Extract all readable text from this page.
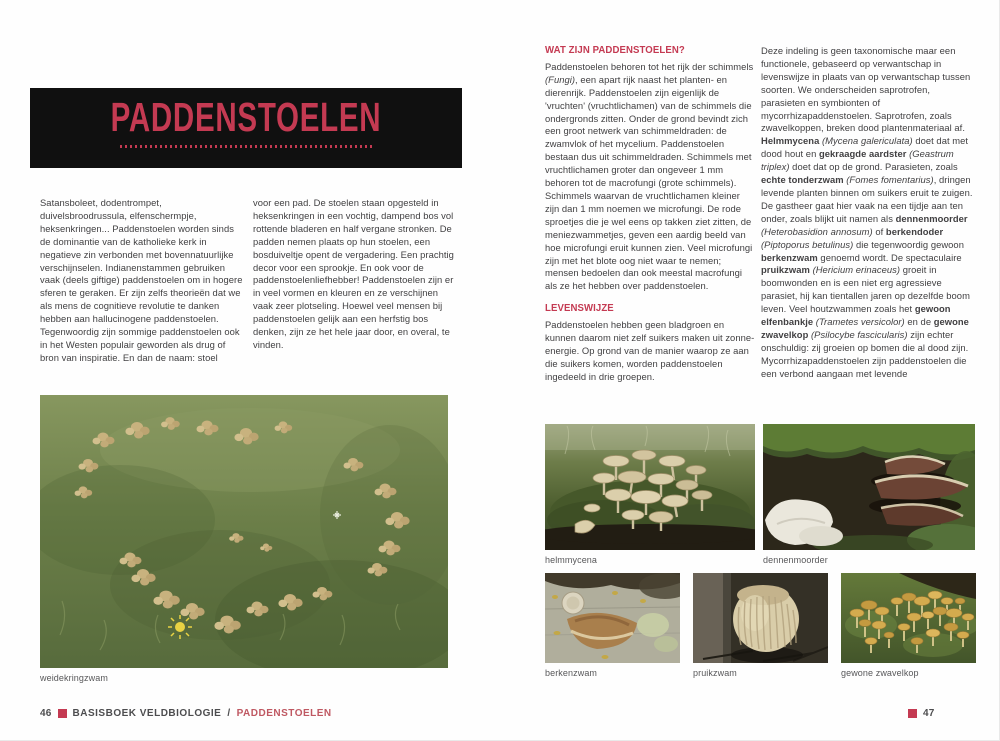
PADDENSTOELEN
Satansboleet, dodentrompet, duivelsbroodrussula, elfenschermpje, heksenkringen... Paddenstoelen worden sinds de dominantie van de katholieke kerk in negatieve zin verbonden met bovennatuurlijke verschijnselen. Indianenstammen gebruiken vaak (deels giftige) paddenstoelen om in hogere sferen te geraken. Er zijn zelfs theorieën dat we als mens de cognitieve revolutie te danken hebben aan hallucinogene paddenstoelen. Tegenwoordig zijn sommige paddenstoelen ook in het Westen populair geworden als drug of bron van inspiratie. En dan de naam: stoel
voor een pad. De stoelen staan opgesteld in heksenkringen in een vochtig, dampend bos vol rottende bladeren en half vergane stronken. De padden nemen plaats op hun stoelen, een bosduiveltje opent de vergadering. Een prachtig decor voor een sprookje. En ook voor de paddenstoelenliefhebber! Paddenstoelen zijn er in veel vormen en kleuren en ze verschijnen vaak zeer plotseling. Hoewel veel mensen bij paddenstoelen gelijk aan een herfstig bos denken, zijn ze het hele jaar door, en overal, te vinden.
weidekringzwam
46 BASISBOEK VELDBIOLOGIE / PADDENSTOELEN
WAT ZIJN PADDENSTOELEN?
Paddenstoelen behoren tot het rijk der schimmels (Fungi), een apart rijk naast het planten- en dierenrijk. Paddenstoelen zijn eigenlijk de 'vruchten' (vruchtlichamen) van de schimmels die ondergronds zitten. Onder de grond bevindt zich een groot netwerk van schimmeldraden: de zwamvlok of het mycelium. Paddenstoelen bestaan dus uit schimmeldraden. Schimmels met vruchtlichamen groter dan ongeveer 1 mm behoren tot de macrofungi (grote schimmels). Schimmels waarvan de vruchtlichamen kleiner zijn dan 1 mm noemen we microfungi. De rode sproetjes die je wel eens op takken ziet zitten, de meniezwammetjes, geven een aardig beeld van hoe microfungi eruit kunnen zien. Veel microfungi zijn met het blote oog niet waar te nemen; mensen bedoelen dan ook meestal macrofungi als ze het hebben over paddenstoelen.
LEVENSWIJZE
Paddenstoelen hebben geen bladgroen en kunnen daarom niet zelf suikers maken uit zonne-energie. Op grond van de manier waarop ze aan die suikers komen, worden paddenstoelen ingedeeld in drie groepen.
Deze indeling is geen taxonomische maar een functionele, gebaseerd op verwantschap in levenswijze in plaats van op verwantschap tussen soorten. We onderscheiden saprotrofen, parasieten en symbionten of mycorrhizapaddenstoelen. Saprotrofen, zoals zwavelkoppen, breken dood plantenmateriaal af. Helmmycena (Mycena galericulata) doet dat met dood hout en gekraagde aardster (Geastrum triplex) doet dat op de grond. Parasieten, zoals echte tonderzwam (Fomes fomentarius), dringen levende planten binnen om suikers eruit te zuigen. De gastheer gaat hier vaak na een tijdje aan ten onder, zoals blijkt uit namen als dennenmoorder (Heterobasidion annosum) of berkendoder (Piptoporus betulinus) die tegenwoordig gewoon berkenzwam genoemd wordt. De spectaculaire pruikzwam (Hericium erinaceus) groeit in boomwonden en is een niet erg agressieve parasiet, hij kan tientallen jaren op dezelfde boom leven. Veel houtzwammen zoals het gewoon elfenbankje (Trametes versicolor) en de gewone zwavelkop (Psilocybe fascicularis) zijn echter onschuldig: zij groeien op bomen die al dood zijn. Mycorrhizapaddenstoelen zijn paddenstoelen die een verbond aangaan met levende
helmmycena	dennenmoorder
berkenzwam	pruikzwam	gewone zwavelkop
47
